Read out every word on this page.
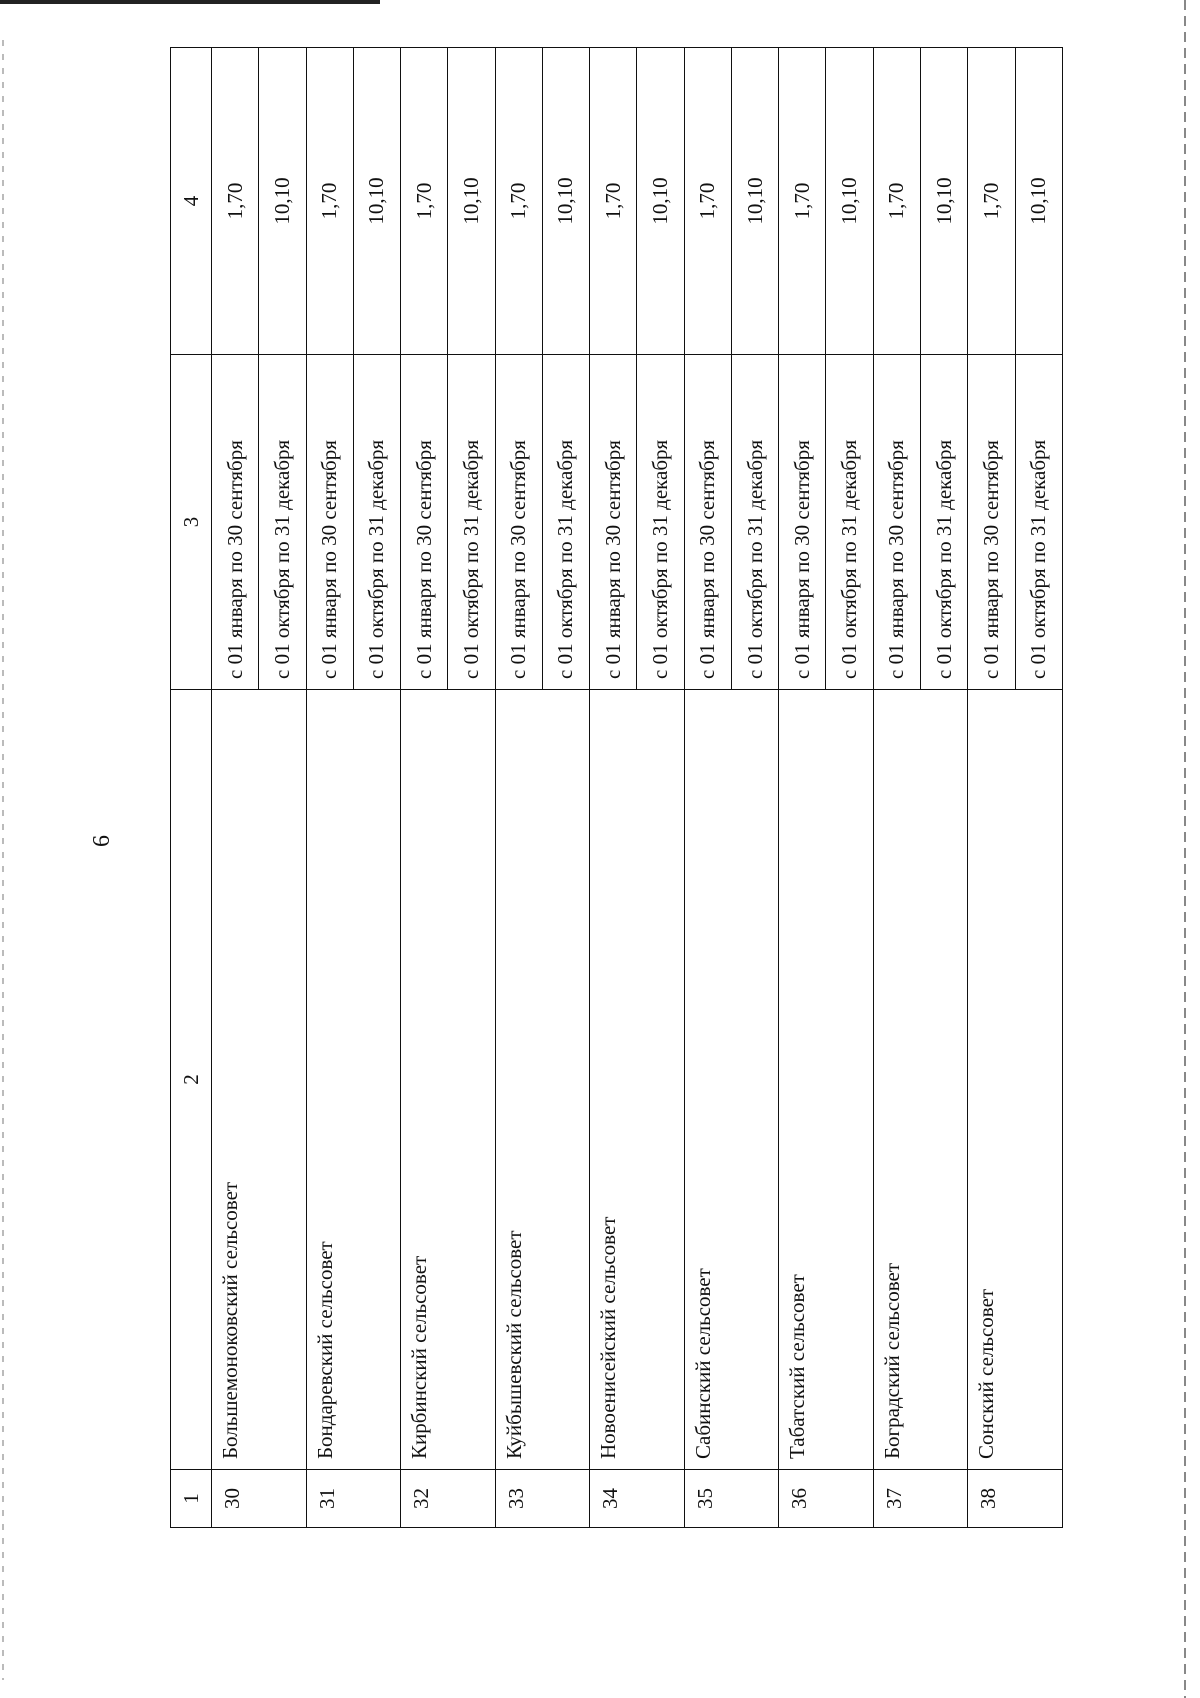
6
1	2	3	4
30	Большемоноковский сельсовет	с 01 января по 30 сентября	1,70
		с 01 октября по 31 декабря	10,10
31	Бондаревский сельсовет	с 01 января по 30 сентября	1,70
		с 01 октября по 31 декабря	10,10
32	Кирбинский сельсовет	с 01 января по 30 сентября	1,70
		с 01 октября по 31 декабря	10,10
33	Куйбышевский сельсовет	с 01 января по 30 сентября	1,70
		с 01 октября по 31 декабря	10,10
34	Новоенисейский сельсовет	с 01 января по 30 сентября	1,70
		с 01 октября по 31 декабря	10,10
35	Сабинский сельсовет	с 01 января по 30 сентября	1,70
		с 01 октября по 31 декабря	10,10
36	Табатский сельсовет	с 01 января по 30 сентября	1,70
		с 01 октября по 31 декабря	10,10
37	Боградский сельсовет	с 01 января по 30 сентября	1,70
		с 01 октября по 31 декабря	10,10
38	Сонский сельсовет	с 01 января по 30 сентября	1,70
		с 01 октября по 31 декабря	10,10
